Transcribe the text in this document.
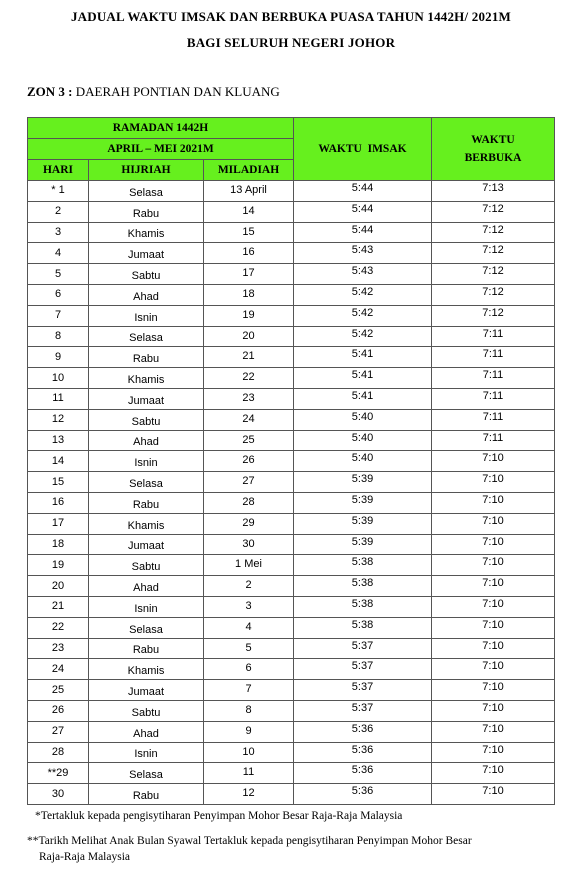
JADUAL WAKTU IMSAK DAN BERBUKA PUASA TAHUN 1442H/ 2021M
BAGI SELURUH NEGERI JOHOR
ZON 3 : DAERAH PONTIAN DAN KLUANG
RAMADAN 1442H			WAKTU  IMSAK	WAKTU
BERBUKA

APRIL – MEI 2021M				
HARI	HIJRIAH	MILADIAH		
* 1	Selasa	13 April	5:44	7:13
2	Rabu	14	5:44	7:12
3	Khamis	15	5:44	7:12
4	Jumaat	16	5:43	7:12
5	Sabtu	17	5:43	7:12
6	Ahad	18	5:42	7:12
7	Isnin	19	5:42	7:12
8	Selasa	20	5:42	7:11
9	Rabu	21	5:41	7:11
10	Khamis	22	5:41	7:11
11	Jumaat	23	5:41	7:11
12	Sabtu	24	5:40	7:11
13	Ahad	25	5:40	7:11
14	Isnin	26	5:40	7:10
15	Selasa	27	5:39	7:10
16	Rabu	28	5:39	7:10
17	Khamis	29	5:39	7:10
18	Jumaat	30	5:39	7:10
19	Sabtu	1 Mei	5:38	7:10
20	Ahad	2	5:38	7:10
21	Isnin	3	5:38	7:10
22	Selasa	4	5:38	7:10
23	Rabu	5	5:37	7:10
24	Khamis	6	5:37	7:10
25	Jumaat	7	5:37	7:10
26	Sabtu	8	5:37	7:10
27	Ahad	9	5:36	7:10
28	Isnin	10	5:36	7:10
**29	Selasa	11	5:36	7:10
30	Rabu	12	5:36	7:10
*Tertakluk kepada pengisytiharan Penyimpan Mohor Besar Raja-Raja Malaysia
**Tarikh Melihat Anak Bulan Syawal Tertakluk kepada pengisytiharan Penyimpan Mohor Besar
Raja-Raja Malaysia
